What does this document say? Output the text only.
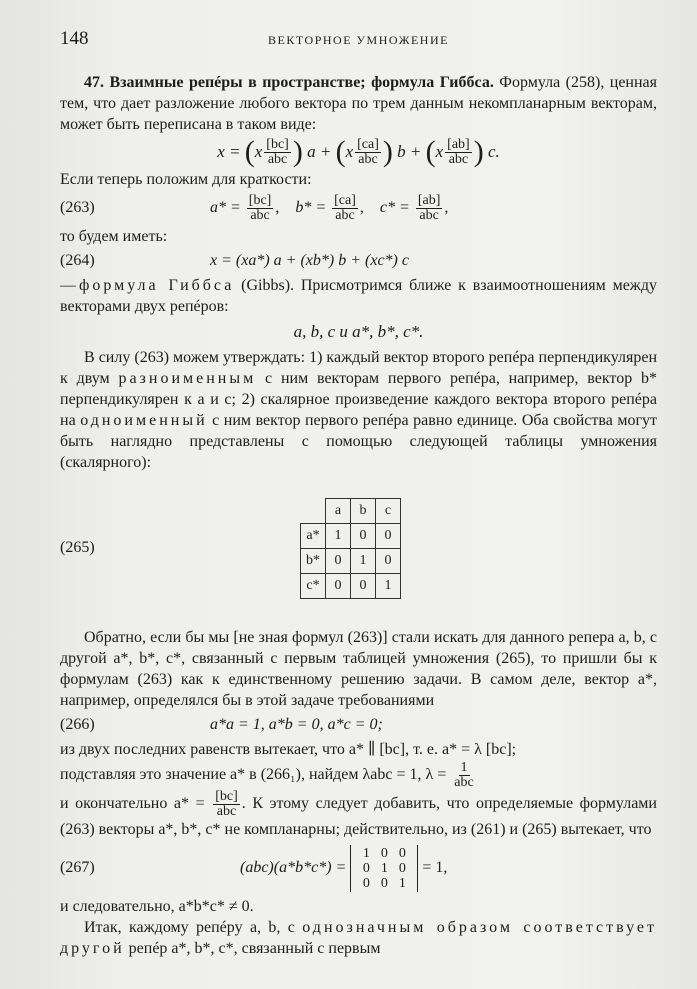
148	ВЕКТОРНОЕ УМНОЖЕНИЕ

47. Взаимные репéры в пространстве; формула Гиббса. Формула (258), ценная тем, что дает разложение любого вектора по трем данным некомпланарным векторам, может быть переписана в таком виде:

x =
( x $\frac{[bc]}{\text{abc}}$ )
a +
( x $\frac{[ca]}{\text{abc}}$ )
b +
( x $\frac{[ab]}{\text{abc}}$ )
c.

Если теперь положим для краткости:

(263)	$a* = \frac{[bc]}{\text{abc}}$ , $b* = \frac{[ca]}{\text{abc}}$ , $c* = \frac{[ab]}{\text{abc}}$ ,

то будем иметь:

(264)	x = (xa*) a + (xb*) b + (xc*) c

—формула Гиббса (Gibbs). Присмотримся ближе к взаимоотношениям между векторами двух репéров:

a, b, c и a*, b*, c*.

В силу (263) можем утверждать: 1) каждый вектор второго репéра перпендикулярен к двум разноименным с ним векторам первого репéра, например, вектор b* перпендикулярен к a и c; 2) скалярное произведение каждого вектора второго репéра на одноименный с ним вектор первого репéра равно единице. Оба свойства могут быть наглядно представлены с помощью следующей таблицы умножения (скалярного):

(265)
	a	b	c
a*	1	0	0
b*	0	1	0
c*	0	0	1

Обратно, если бы мы [не зная формул (263)] стали искать для данного репера a, b, c другой a*, b*, c*, связанный с первым таблицей умножения (265), то пришли бы к формулам (263) как к единственному решению задачи. В самом деле, вектор a*, например, определялся бы в этой задаче требованиями

(266)	a*a = 1, a*b = 0, a*c = 0;

из двух последних равенств вытекает, что a* ∥ [bc], т. е. a* = λ [bc];

подставляя это значение a* в (266₁), найдем λabc = 1, $\lambda = \frac{1}{\text{abc}}$

и окончательно $a* = \frac{[bc]}{\text{abc}}$ . К этому следует добавить, что определяемые формулами (263) векторы a*, b*, c* не компланарны; действительно, из (261) и (265) вытекает, что

(267)	(abc)(a*b*c*) =
1 0 0
0 1 0
0 0 1
= 1,

и следовательно, a*b*c* ≠ 0.

Итак, каждому репéру a, b, c однозначным образом соответствует другой репéр a*, b*, c*, связанный с первым
